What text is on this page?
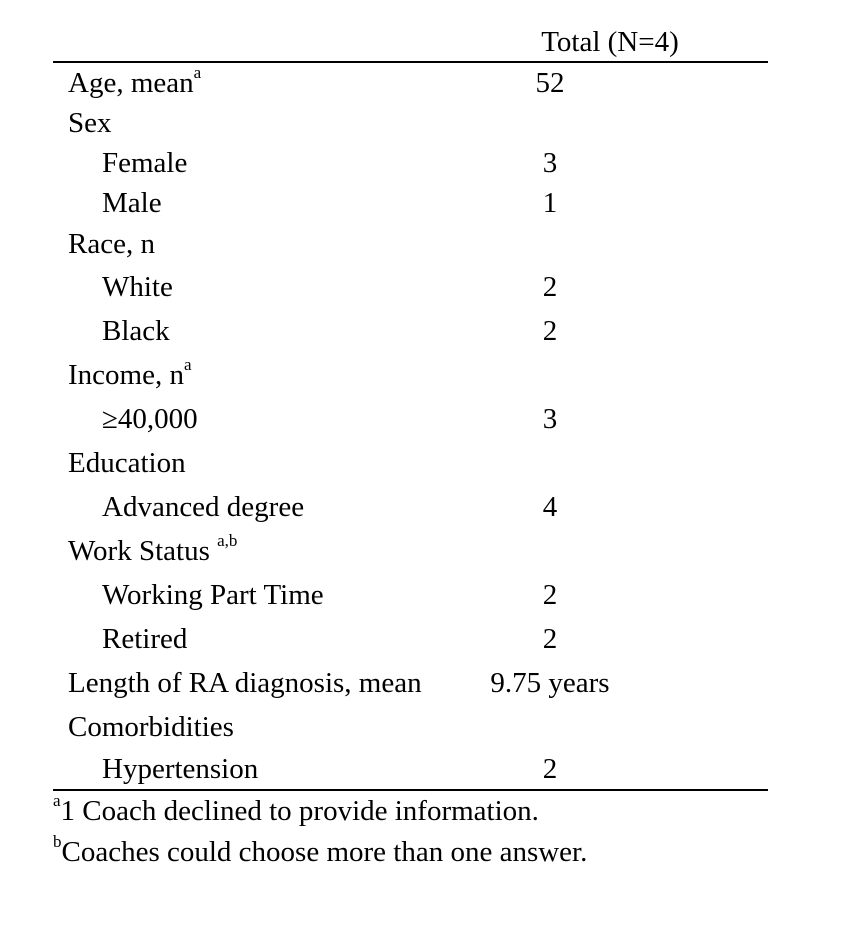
Total (N=4)
Age, mean$^a$	52
Sex
Female	3
Male	1
Race, n
White	2
Black	2
Income, $n^a$
≥40,000	3
Education
Advanced degree	4
Work Status $^{a,b}$
Working Part Time	2
Retired	2
Length of RA diagnosis, mean	9.75 years
Comorbidities
Hypertension	2
$^a$1 Coach declined to provide information.
$^b$Coaches could choose more than one answer.
